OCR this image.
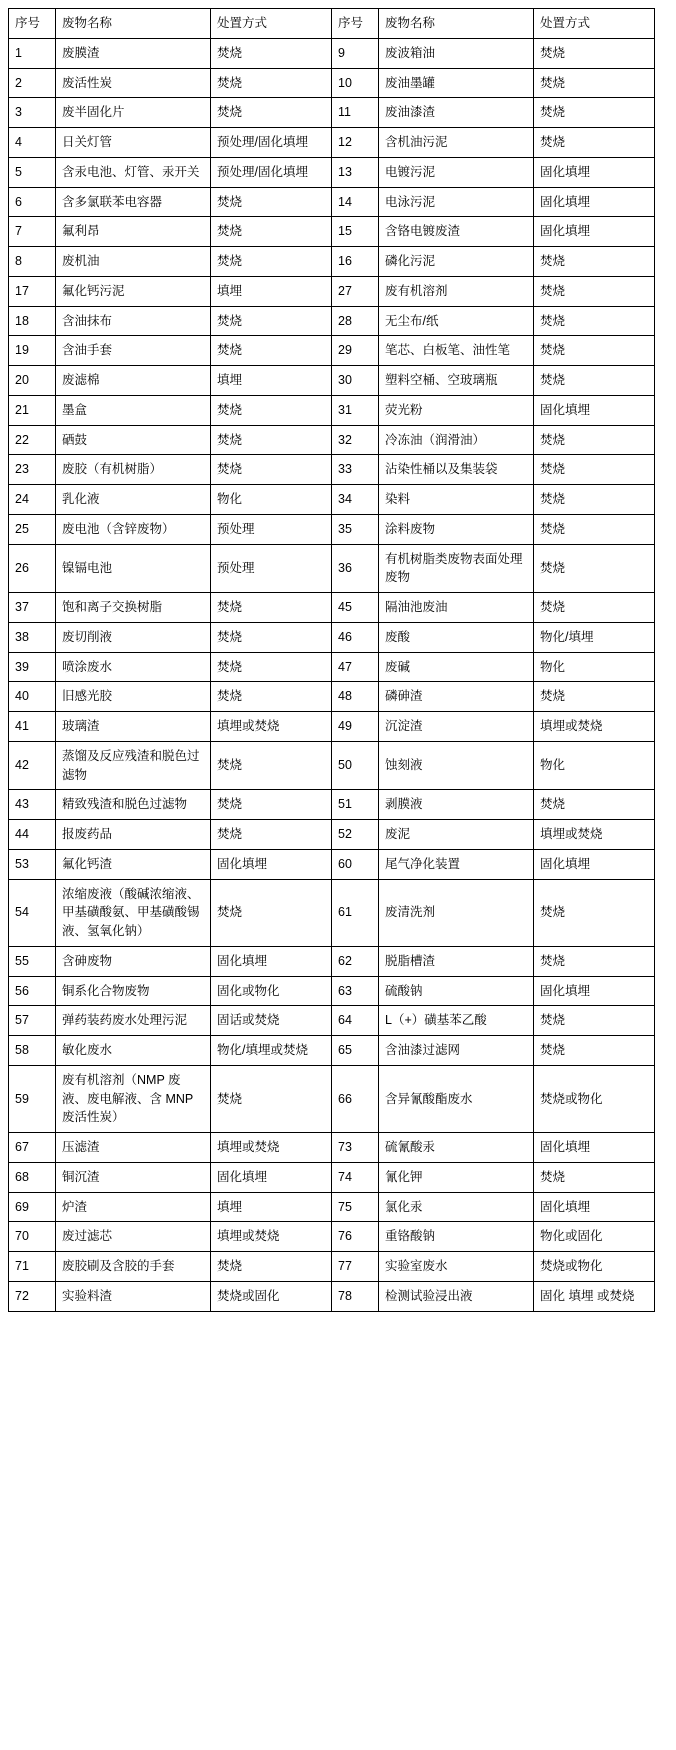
序号	废物名称	处置方式	序号	废物名称	处置方式
1	废膜渣	焚烧	9	废波箱油	焚烧
2	废活性炭	焚烧	10	废油墨罐	焚烧
3	废半固化片	焚烧	11	废油漆渣	焚烧
4	日关灯管	预处理/固化填埋	12	含机油污泥	焚烧
5	含汞电池、灯管、汞开关	预处理/固化填埋	13	电镀污泥	固化填埋
6	含多氯联苯电容器	焚烧	14	电泳污泥	固化填埋
7	氟利昂	焚烧	15	含铬电镀废渣	固化填埋
8	废机油	焚烧	16	磷化污泥	焚烧
17	氟化钙污泥	填埋	27	废有机溶剂	焚烧
18	含油抹布	焚烧	28	无尘布/纸	焚烧
19	含油手套	焚烧	29	笔芯、白板笔、油性笔	焚烧
20	废滤棉	填埋	30	塑料空桶、空玻璃瓶	焚烧
21	墨盒	焚烧	31	荧光粉	固化填埋
22	硒鼓	焚烧	32	冷冻油（润滑油）	焚烧
23	废胶（有机树脂）	焚烧	33	沾染性桶以及集装袋	焚烧
24	乳化液	物化	34	染料	焚烧
25	废电池（含锌废物）	预处理	35	涂料废物	焚烧
26	镍镉电池	预处理	36	有机树脂类废物表面处理废物	焚烧
37	饱和离子交换树脂	焚烧	45	隔油池废油	焚烧
38	废切削液	焚烧	46	废酸	物化/填埋
39	喷涂废水	焚烧	47	废碱	物化
40	旧感光胶	焚烧	48	磷砷渣	焚烧
41	玻璃渣	填埋或焚烧	49	沉淀渣	填埋或焚烧
42	蒸馏及反应残渣和脱色过滤物	焚烧	50	蚀刻液	物化
43	精致残渣和脱色过滤物	焚烧	51	剥膜液	焚烧
44	报废药品	焚烧	52	废泥	填埋或焚烧
53	氟化钙渣	固化填埋	60	尾气净化装置	固化填埋
54	浓缩废液（酸碱浓缩液、甲基磺酸氨、甲基磺酸锡液、氢氧化钠）	焚烧	61	废清洗剂	焚烧
55	含砷废物	固化填埋	62	脱脂槽渣	焚烧
56	铜系化合物废物	固化或物化	63	硫酸钠	固化填埋
57	弹药装药废水处理污泥	固话或焚烧	64	L（+）磺基苯乙酸	焚烧
58	敏化废水	物化/填埋或焚烧	65	含油漆过滤网	焚烧
59	废有机溶剂（NMP 废液、废电解液、含 MNP 废活性炭）	焚烧	66	含异氰酸酯废水	焚烧或物化
67	压滤渣	填埋或焚烧	73	硫氰酸汞	固化填埋
68	铜沉渣	固化填埋	74	氰化钾	焚烧
69	炉渣	填埋	75	氯化汞	固化填埋
70	废过滤芯	填埋或焚烧	76	重铬酸钠	物化或固化
71	废胶刷及含胶的手套	焚烧	77	实验室废水	焚烧或物化
72	实验料渣	焚烧或固化	78	检测试验浸出液	固化 填埋 或焚烧
